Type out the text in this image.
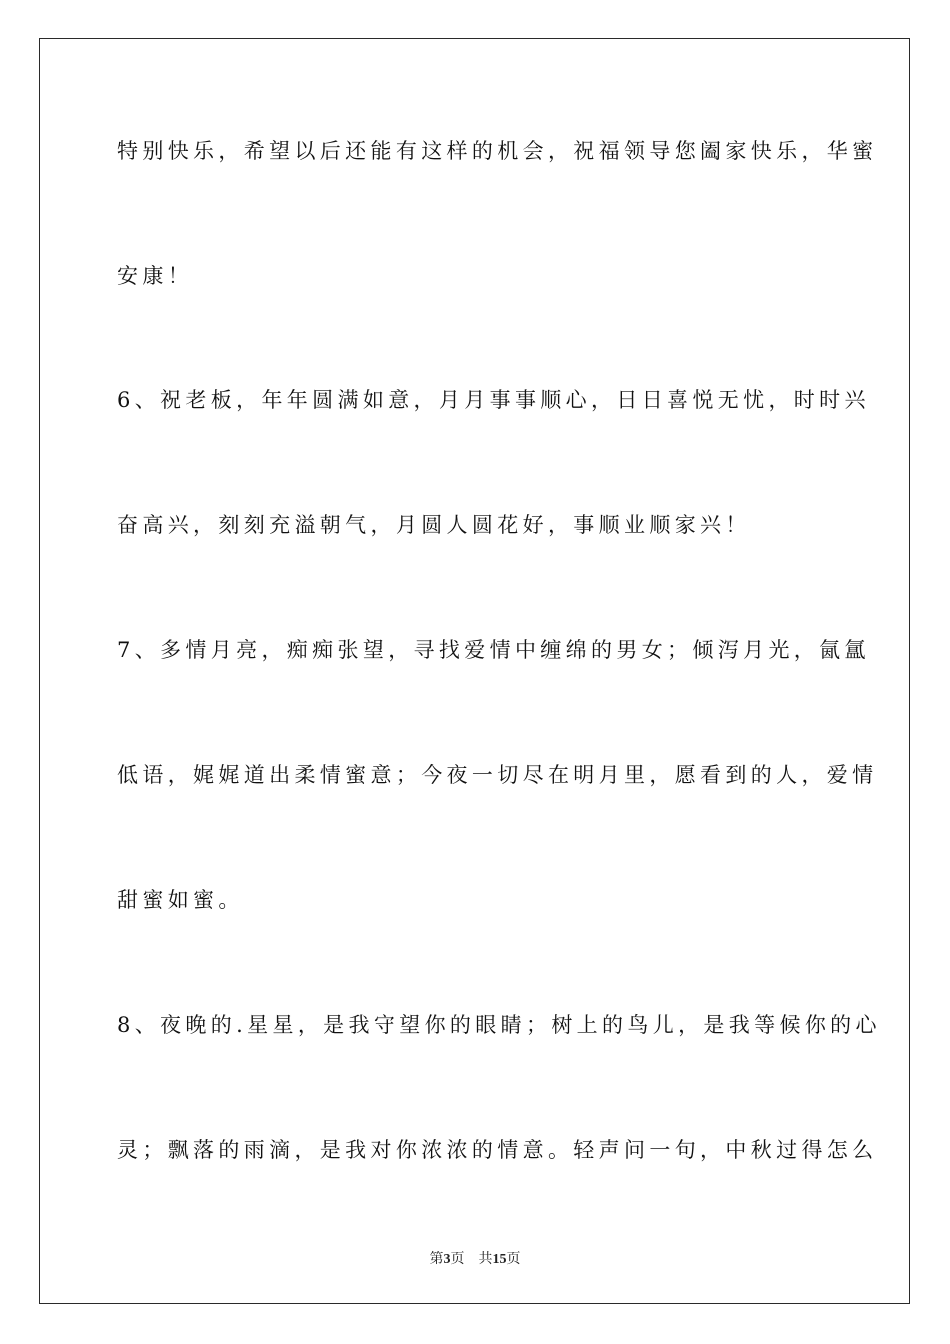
特别快乐，希望以后还能有这样的机会，祝福领导您阖家快乐，华蜜
安康！
6、祝老板，年年圆满如意，月月事事顺心，日日喜悦无忧，时时兴
奋高兴，刻刻充溢朝气，月圆人圆花好，事顺业顺家兴！
7、多情月亮，痴痴张望，寻找爱情中缠绵的男女；倾泻月光，氤氲
低语，娓娓道出柔情蜜意；今夜一切尽在明月里，愿看到的人，爱情
甜蜜如蜜。
8、夜晚的.星星，是我守望你的眼睛；树上的鸟儿，是我等候你的心
灵；飘落的雨滴，是我对你浓浓的情意。轻声问一句，中秋过得怎么
第3页 共15页
